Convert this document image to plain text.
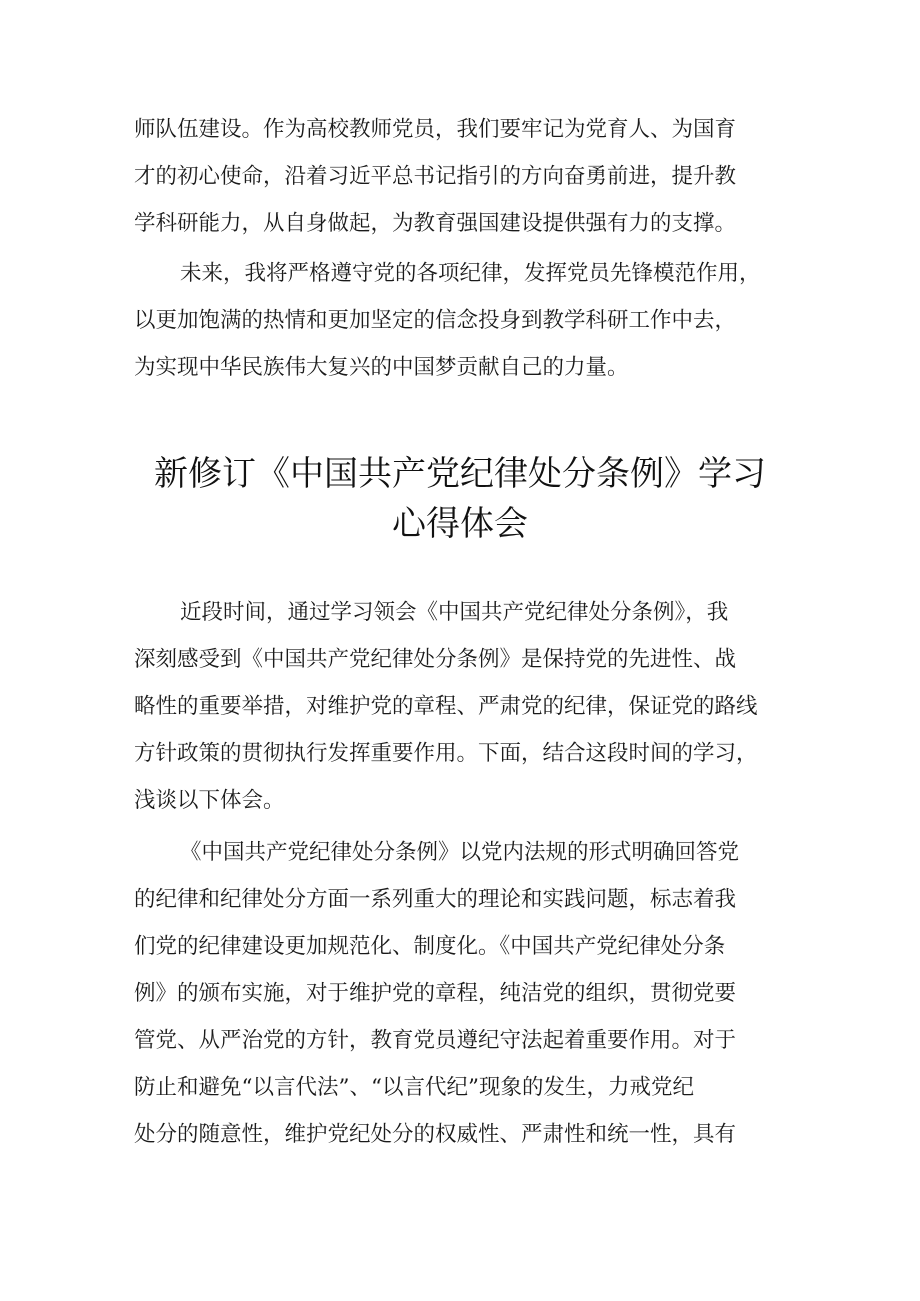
师队伍建设。作为高校教师党员，我们要牢记为党育人、为国育

才的初心使命，沿着习近平总书记指引的方向奋勇前进，提升教

学科研能力，从自身做起，为教育强国建设提供强有力的支撑。

未来，我将严格遵守党的各项纪律，发挥党员先锋模范作用，

以更加饱满的热情和更加坚定的信念投身到教学科研工作中去，

为实现中华民族伟大复兴的中国梦贡献自己的力量。

新修订《中国共产党纪律处分条例》学习
心得体会

近段时间，通过学习领会《中国共产党纪律处分条例》，我

深刻感受到《中国共产党纪律处分条例》是保持党的先进性、战

略性的重要举措，对维护党的章程、严肃党的纪律，保证党的路线

方针政策的贯彻执行发挥重要作用。下面，结合这段时间的学习，

浅谈以下体会。

《中国共产党纪律处分条例》以党内法规的形式明确回答党

的纪律和纪律处分方面一系列重大的理论和实践问题，标志着我

们党的纪律建设更加规范化、制度化。《中国共产党纪律处分条

例》的颁布实施，对于维护党的章程，纯洁党的组织，贯彻党要

管党、从严治党的方针，教育党员遵纪守法起着重要作用。对于

防止和避免“以言代法”、“以言代纪”现象的发生，力戒党纪

处分的随意性，维护党纪处分的权威性、严肃性和统一性，具有
